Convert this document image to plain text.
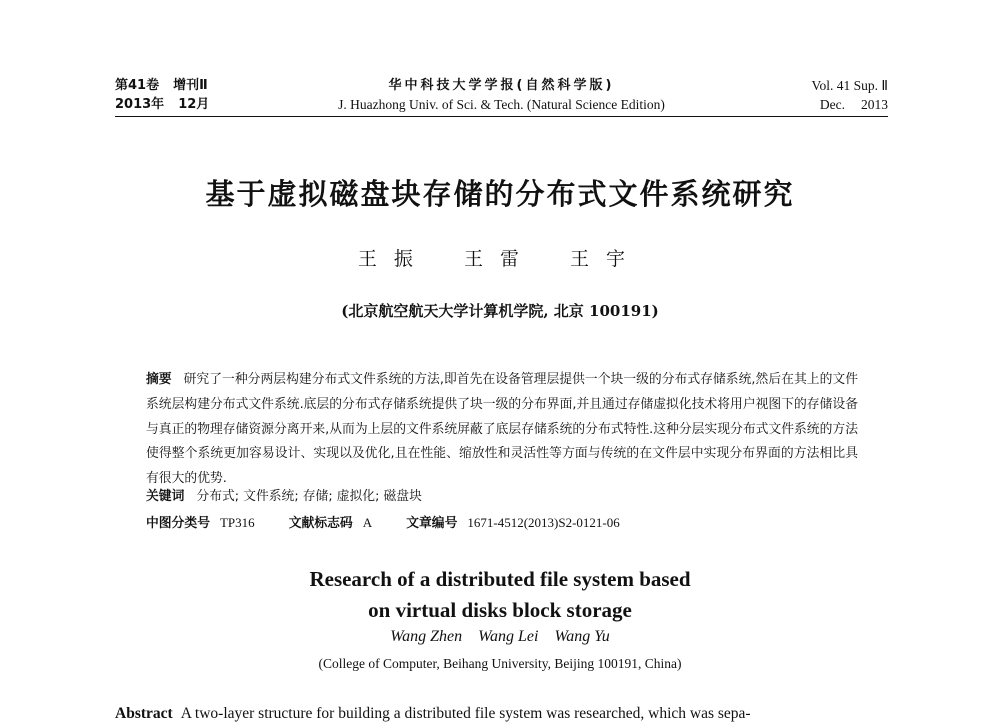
第41卷 增刊Ⅱ	华中科技大学学报(自然科学版)	Vol. 41 Sup. Ⅱ
2013年 12月	J. Huazhong Univ. of Sci. & Tech. (Natural Science Edition)	Dec. 2013
基于虚拟磁盘块存储的分布式文件系统研究
王振 王雷 王宇
(北京航空航天大学计算机学院, 北京 100191)
摘要 研究了一种分两层构建分布式文件系统的方法,即首先在设备管理层提供一个块一级的分布式存储系统,然后在其上的文件系统层构建分布式文件系统.底层的分布式存储系统提供了块一级的分布界面,并且通过存储虚拟化技术将用户视图下的存储设备与真正的物理存储资源分离开来,从而为上层的文件系统屏蔽了底层存储系统的分布式特性.这种分层实现分布式文件系统的方法使得整个系统更加容易设计、实现以及优化,且在性能、缩放性和灵活性等方面与传统的在文件层中实现分布界面的方法相比具有很大的优势.
关键词 分布式; 文件系统; 存储; 虚拟化; 磁盘块
中图分类号 TP316	文献标志码 A	文章编号 1671-4512(2013)S2-0121-06
Research of a distributed file system based
on virtual disks block storage
Wang Zhen Wang Lei Wang Yu
(College of Computer, Beihang University, Beijing 100191, China)
Abstract A two-layer structure for building a distributed file system was researched, which was sepa-
